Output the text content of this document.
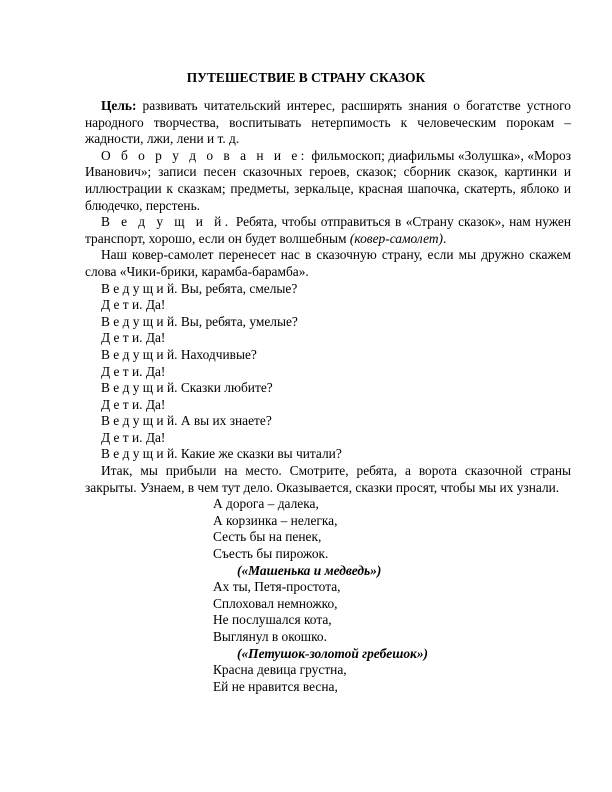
ПУТЕШЕСТВИЕ В СТРАНУ СКАЗОК

Цель: развивать читательский интерес, расширять знания о богатстве устного народного творчества, воспитывать нетерпимость к человеческим порокам – жадности, лжи, лени и т. д.

О б о р у д о в а н и е: фильмоскоп; диафильмы «Золушка», «Мороз Иванович»; записи песен сказочных героев, сказок; сборник сказок, картинки и иллюстрации к сказкам; предметы, зеркальце, красная шапочка, скатерть, яблоко и блюдечко, перстень.

В е д у щ и й. Ребята, чтобы отправиться в «Страну сказок», нам нужен транспорт, хорошо, если он будет волшебным (ковер-самолет).

Наш ковер-самолет перенесет нас в сказочную страну, если мы дружно скажем слова «Чики-брики, карамба-барамба».

В е д у щ и й. Вы, ребята, смелые?

Д е т и. Да!

В е д у щ и й. Вы, ребята, умелые?

Д е т и. Да!

В е д у щ и й. Находчивые?

Д е т и. Да!

В е д у щ и й. Сказки любите?

Д е т и. Да!

В е д у щ и й. А вы их знаете?

Д е т и. Да!

В е д у щ и й. Какие же сказки вы читали?

Итак, мы прибыли на место. Смотрите, ребята, а ворота сказочной страны закрыты. Узнаем, в чем тут дело. Оказывается, сказки просят, чтобы мы их узнали.

А дорога – далека,
А корзинка – нелегка,
Сесть бы на пенек,
Съесть бы пирожок.
(«Машенька и медведь»)
Ах ты, Петя-простота,
Сплоховал немножко,
Не послушался кота,
Выглянул в окошко.
(«Петушок-золотой гребешок»)
Красна девица грустна,
Ей не нравится весна,
